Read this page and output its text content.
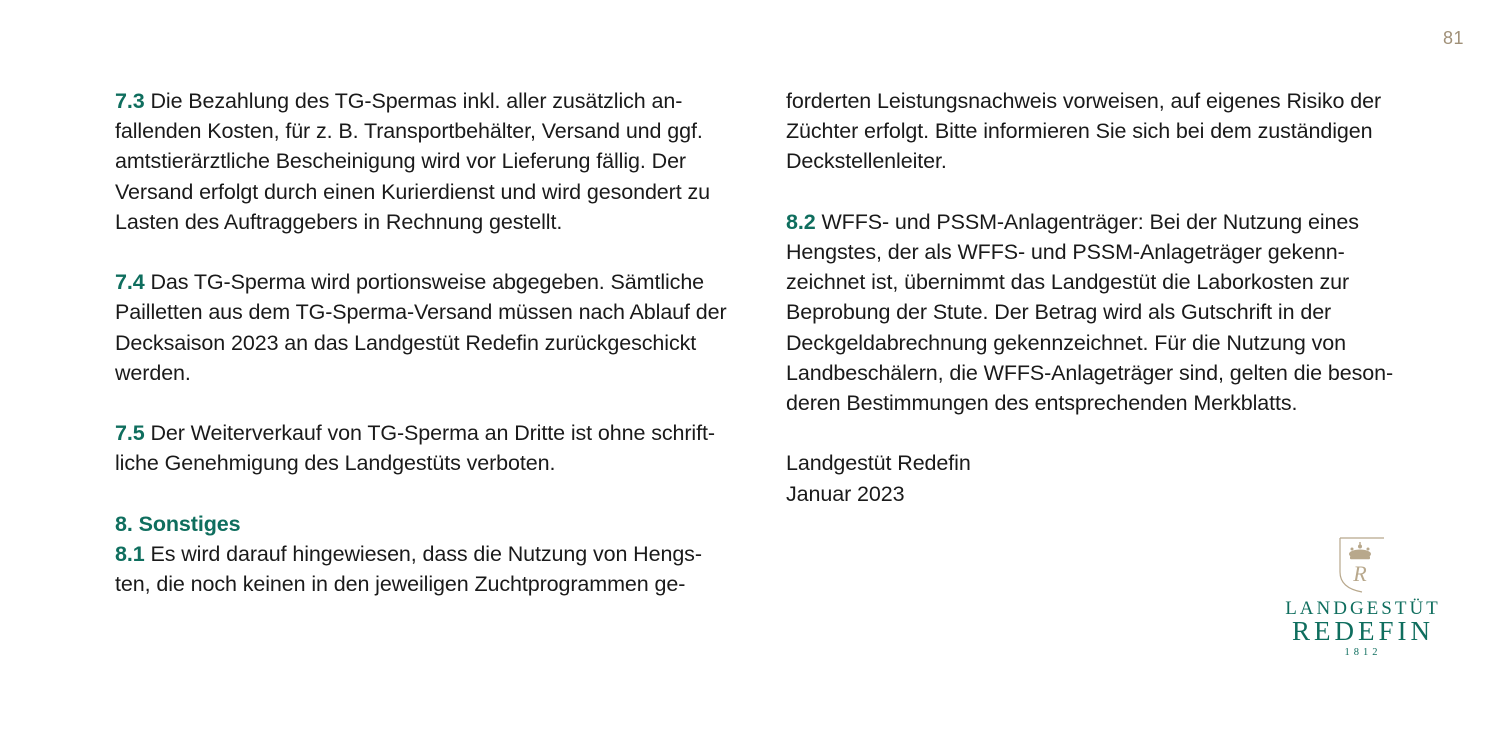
81
7.3 Die Bezahlung des TG-Spermas inkl. aller zusätzlich an-
fallenden Kosten, für z. B. Transportbehälter, Versand und ggf.
amtstierärztliche Bescheinigung wird vor Lieferung fällig. Der
Versand erfolgt durch einen Kurierdienst und wird gesondert zu
Lasten des Auftraggebers in Rechnung gestellt.
7.4 Das TG-Sperma wird portionsweise abgegeben. Sämtliche
Pailletten aus dem TG-Sperma-Versand müssen nach Ablauf der
Decksaison 2023 an das Landgestüt Redefin zurückgeschickt
werden.
7.5 Der Weiterverkauf von TG-Sperma an Dritte ist ohne schrift-
liche Genehmigung des Landgestüts verboten.
8. Sonstiges
8.1 Es wird darauf hingewiesen, dass die Nutzung von Hengs-
ten, die noch keinen in den jeweiligen Zuchtprogrammen ge-
forderten Leistungsnachweis vorweisen, auf eigenes Risiko der
Züchter erfolgt. Bitte informieren Sie sich bei dem zuständigen
Deckstellenleiter.
8.2 WFFS- und PSSM-Anlagenträger: Bei der Nutzung eines
Hengstes, der als WFFS- und PSSM-Anlageträger gekenn-
zeichnet ist, übernimmt das Landgestüt die Laborkosten zur
Beprobung der Stute. Der Betrag wird als Gutschrift in der
Deckgeldabrechnung gekennzeichnet. Für die Nutzung von
Landbeschälern, die WFFS-Anlageträger sind, gelten die beson-
deren Bestimmungen des entsprechenden Merkblatts.
Landgestüt Redefin
Januar 2023
R
LANDGESTÜT
REDEFIN
1812
